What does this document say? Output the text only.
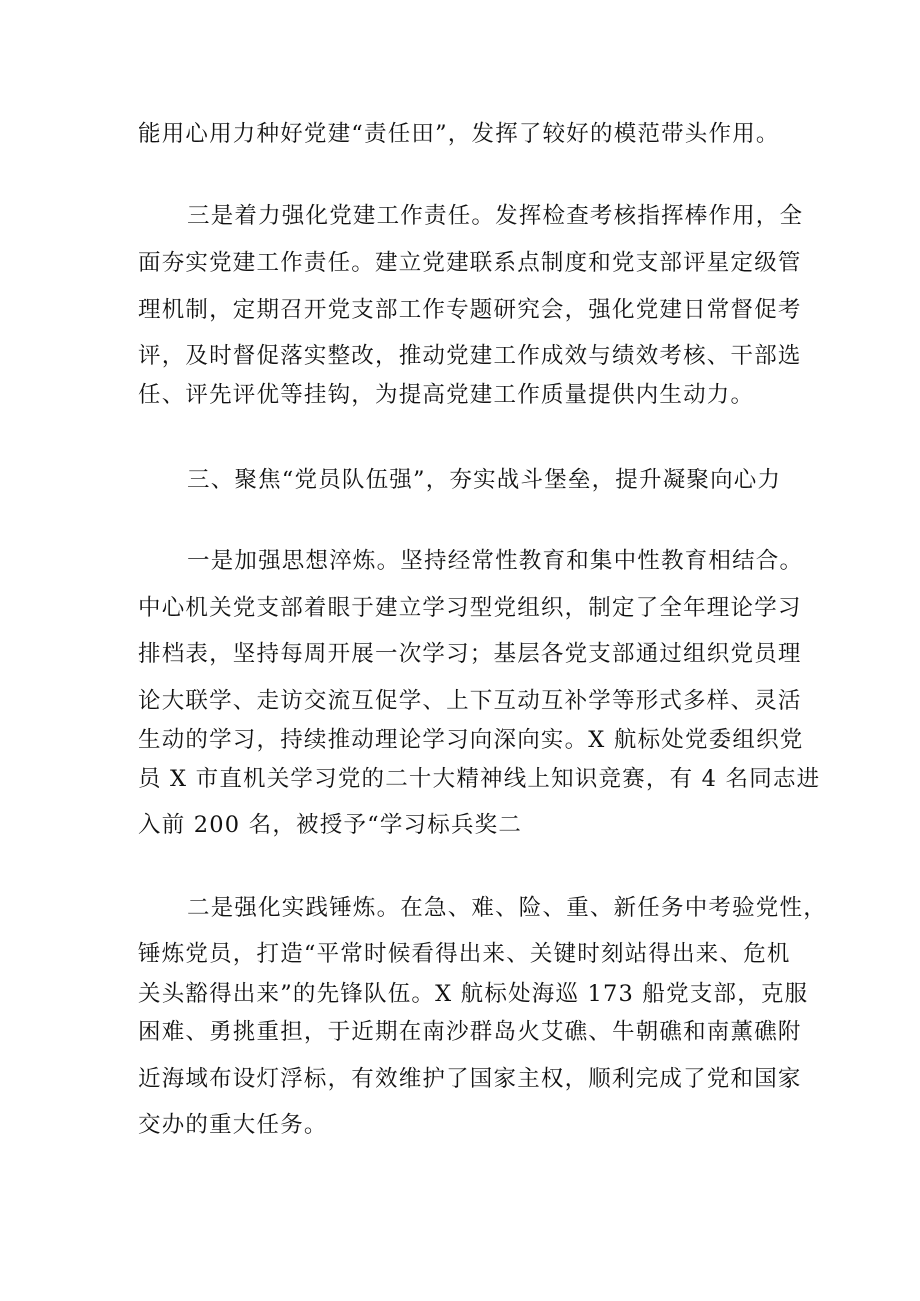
能用心用力种好党建“责任田”，发挥了较好的模范带头作用。
三是着力强化党建工作责任。发挥检查考核指挥棒作用，全
面夯实党建工作责任。建立党建联系点制度和党支部评星定级管
理机制，定期召开党支部工作专题研究会，强化党建日常督促考
评，及时督促落实整改，推动党建工作成效与绩效考核、干部选
任、评先评优等挂钩，为提高党建工作质量提供内生动力。
三、聚焦“党员队伍强”，夯实战斗堡垒，提升凝聚向心力
一是加强思想淬炼。坚持经常性教育和集中性教育相结合。
中心机关党支部着眼于建立学习型党组织，制定了全年理论学习
排档表，坚持每周开展一次学习；基层各党支部通过组织党员理
论大联学、走访交流互促学、上下互动互补学等形式多样、灵活
生动的学习，持续推动理论学习向深向实。X 航标处党委组织党
员 X 市直机关学习党的二十大精神线上知识竞赛，有 4 名同志进
入前 200 名，被授予“学习标兵奖二
二是强化实践锤炼。在急、难、险、重、新任务中考验党性，
锤炼党员，打造“平常时候看得出来、关键时刻站得出来、危机
关头豁得出来”的先锋队伍。X 航标处海巡 173 船党支部，克服
困难、勇挑重担，于近期在南沙群岛火艾礁、牛朝礁和南薰礁附
近海域布设灯浮标，有效维护了国家主权，顺利完成了党和国家
交办的重大任务。
